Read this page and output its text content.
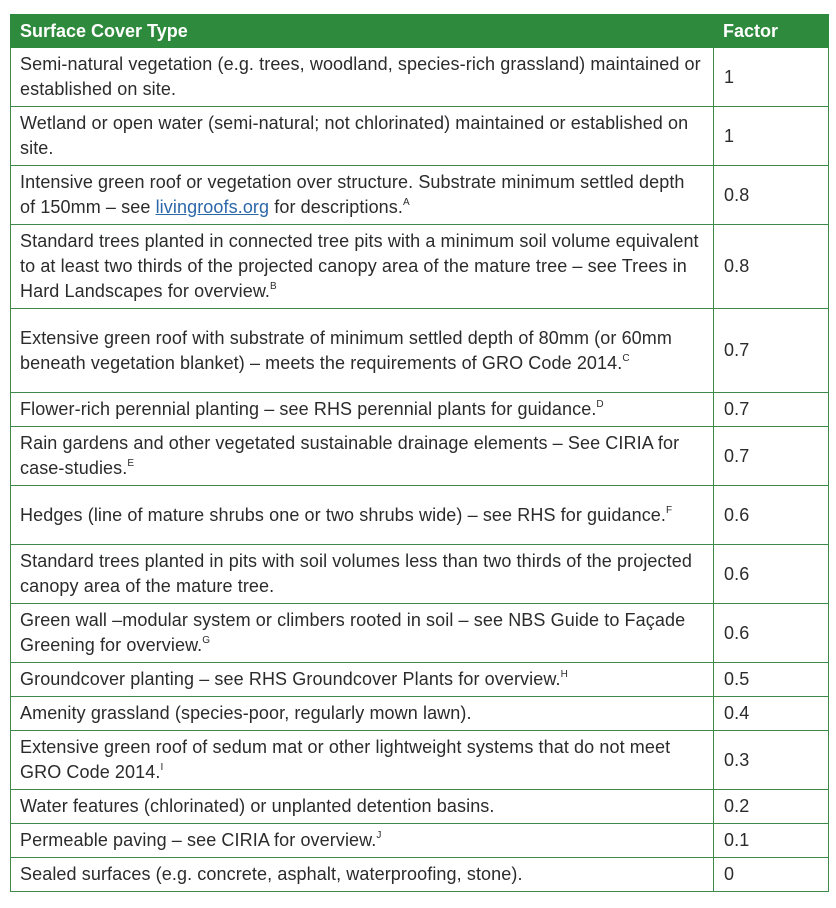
Surface Cover Type	Factor
Semi-natural vegetation (e.g. trees, woodland, species-rich grassland) maintained or established on site.	1
Wetland or open water (semi-natural; not chlorinated) maintained or established on site.	1
Intensive green roof or vegetation over structure. Substrate minimum settled depth of 150mm – see livingroofs.org for descriptions.$^A$	0.8
Standard trees planted in connected tree pits with a minimum soil volume equivalent to at least two thirds of the projected canopy area of the mature tree – see Trees in Hard Landscapes for overview.$^B$	0.8
Extensive green roof with substrate of minimum settled depth of 80mm (or 60mm beneath vegetation blanket) – meets the requirements of GRO Code 2014.$^C$	0.7
Flower-rich perennial planting – see RHS perennial plants for guidance.$^D$	0.7
Rain gardens and other vegetated sustainable drainage elements – See CIRIA for case-studies.$^E$	0.7
Hedges (line of mature shrubs one or two shrubs wide) – see RHS for guidance.$^F$	0.6
Standard trees planted in pits with soil volumes less than two thirds of the projected canopy area of the mature tree.	0.6
Green wall –modular system or climbers rooted in soil – see NBS Guide to Façade Greening for overview.$^G$	0.6
Groundcover planting – see RHS Groundcover Plants for overview.$^H$	0.5
Amenity grassland (species-poor, regularly mown lawn).	0.4
Extensive green roof of sedum mat or other lightweight systems that do not meet GRO Code 2014.$^I$	0.3
Water features (chlorinated) or unplanted detention basins.	0.2
Permeable paving – see CIRIA for overview.$^J$	0.1
Sealed surfaces (e.g. concrete, asphalt, waterproofing, stone).	0
